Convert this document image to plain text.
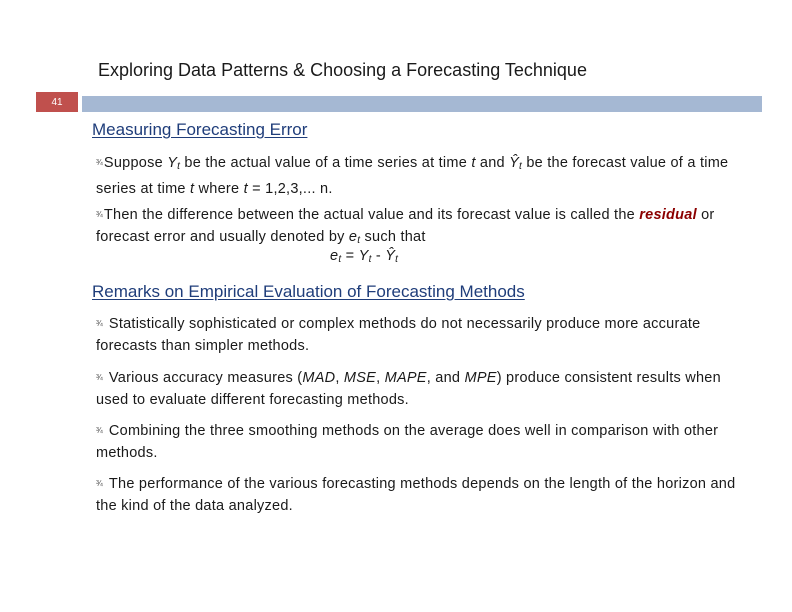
Exploring Data Patterns & Choosing a Forecasting Technique
41
Measuring Forecasting Error
¾Suppose $Y_t$ be the actual value of a time series at time t and $Ŷ_t$ be the forecast value of a time series at time t where t = 1,2,3,... n.
¾Then the difference between the actual value and its forecast value is called the residual or forecast error and usually denoted by $e_t$ such that
$e_t = Y_t$ - $Ŷ_t$
Remarks on Empirical Evaluation of Forecasting Methods
¾ Statistically sophisticated or complex methods do not necessarily produce more accurate forecasts than simpler methods.
¾ Various accuracy measures (MAD, MSE, MAPE, and MPE) produce consistent results when used to evaluate different forecasting methods.
¾ Combining the three smoothing methods on the average does well in comparison with other methods.
¾ The performance of the various forecasting methods depends on the length of the horizon and the kind of the data analyzed.
